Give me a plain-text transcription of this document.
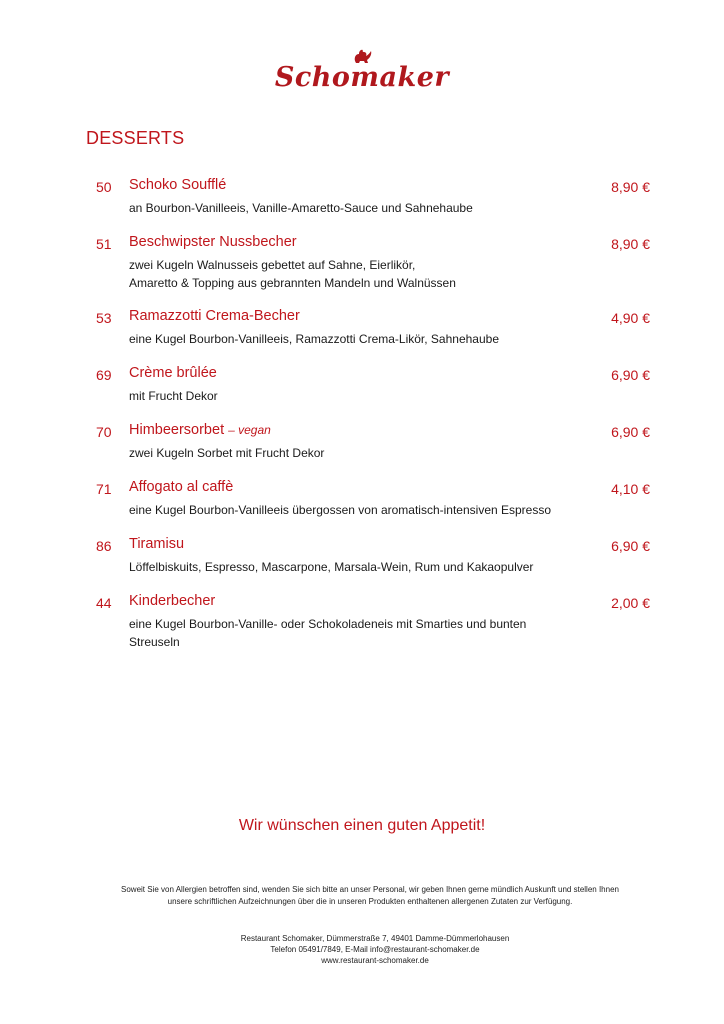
Schomaker
DESSERTS
50 Schoko Soufflé
an Bourbon-Vanilleeis, Vanille-Amaretto-Sauce und Sahnehaube
8,90 €
51 Beschwipster Nussbecher
zwei Kugeln Walnusseis gebettet auf Sahne, Eierlikör,
Amaretto & Topping aus gebrannten Mandeln und Walnüssen
8,90 €
53 Ramazzotti Crema-Becher
eine Kugel Bourbon-Vanilleeis, Ramazzotti Crema-Likör, Sahnehaube
4,90 €
69 Crème brûlée
mit Frucht Dekor
6,90 €
70 Himbeersorbet – vegan
zwei Kugeln Sorbet mit Frucht Dekor
6,90 €
71 Affogato al caffè
eine Kugel Bourbon-Vanilleeis übergossen von aromatisch-intensiven Espresso
4,10 €
86 Tiramisu
Löffelbiskuits, Espresso, Mascarpone, Marsala-Wein, Rum und Kakaopulver
6,90 €
44 Kinderbecher
eine Kugel Bourbon-Vanille- oder Schokoladeneis mit Smarties und bunten
Streuseln
2,00 €
Wir wünschen einen guten Appetit!
Soweit Sie von Allergien betroffen sind, wenden Sie sich bitte an unser Personal, wir geben Ihnen gerne mündlich Auskunft und stellen Ihnen
unsere schriftlichen Aufzeichnungen über die in unseren Produkten enthaltenen allergenen Zutaten zur Verfügung.
Restaurant Schomaker, Dümmerstraße 7, 49401 Damme-Dümmerlohausen
Telefon 05491/7849, E-Mail info@restaurant-schomaker.de
www.restaurant-schomaker.de
